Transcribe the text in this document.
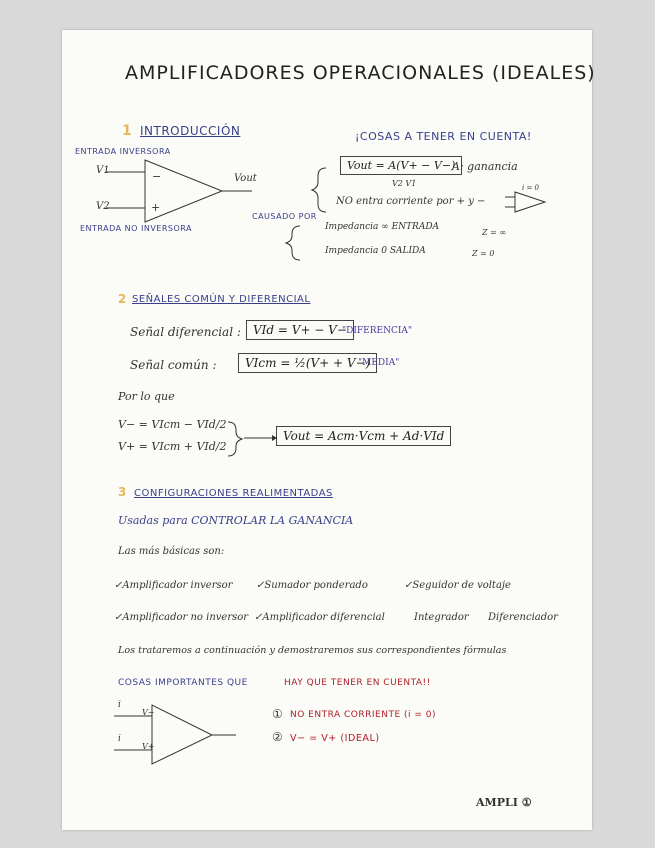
AMPLIFICADORES OPERACIONALES (IDEALES)
1 INTRODUCCIÓN
ENTRADA INVERSORA
V1
V2
−
+
Vout
ENTRADA NO INVERSORA
¡COSAS A TENER EN CUENTA!
Vout = A(V+ − V−)
V2 V1
A: ganancia
NO entra corriente por + y −
i = 0
CAUSADO POR
Impedancia ∞ ENTRADA
Z = ∞
Impedancia 0 SALIDA	Z = 0
2 SEÑALES COMÚN Y DIFERENCIAL
Señal diferencial :	VId = V+ − V−
"DIFERENCIA"
Señal común :	VIcm = ½(V+ + V−)
"MEDIA"
Por lo que
V− = VIcm − VId/2
V+ = VIcm + VId/2
Vout = Acm·Vcm + Ad·VId
3 CONFIGURACIONES REALIMENTADAS
Usadas para CONTROLAR LA GANANCIA
Las más básicas son:
✓Amplificador inversor ✓Sumador ponderado	✓Seguidor de voltaje
✓Amplificador no inversor ✓Amplificador diferencial	Integrador Diferenciador
Los trataremos a continuación y demostraremos sus correspondientes fórmulas
COSAS IMPORTANTES QUE	HAY QUE TENER EN CUENTA!!
i
i
V−
V+
① NO ENTRA CORRIENTE (i = 0)
② V− = V+ (IDEAL)
AMPLI ①
